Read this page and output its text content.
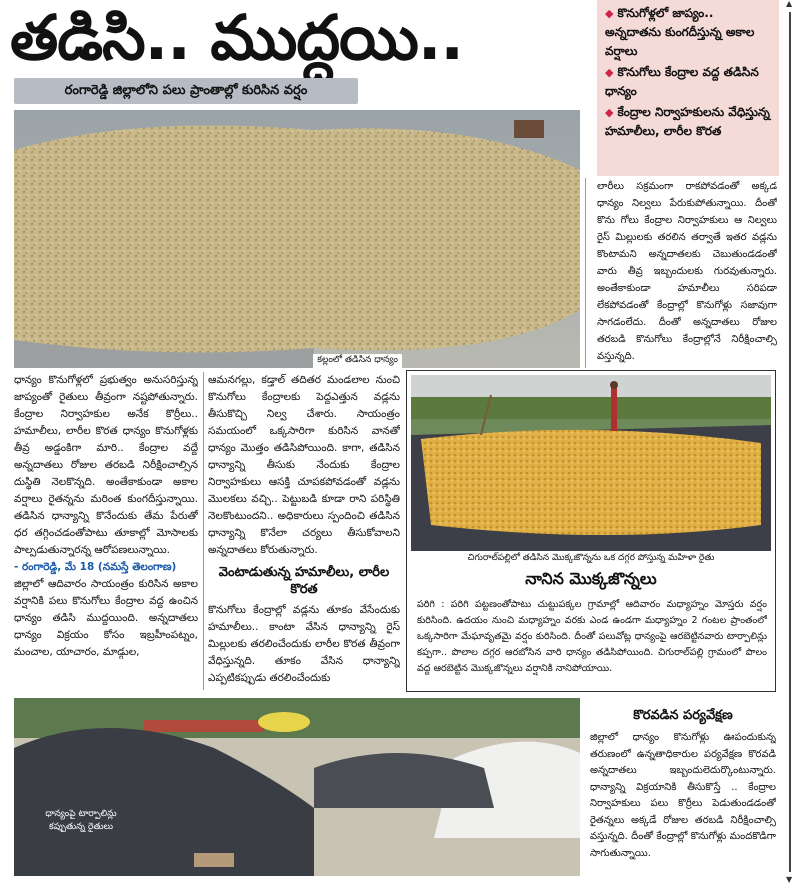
తడిసి.. ముద్దయి..
రంగారెడ్డి జిల్లాలోని పలు ప్రాంతాల్లో కురిసిన వర్షం
◆ కొనుగోళ్లలో జాప్యం.. అన్నదాతను కుంగదీస్తున్న అకాల వర్షాలు
◆ కొనుగోలు కేంద్రాల వద్ద తడిసిన ధాన్యం
◆ కేంద్రాల నిర్వాహకులను వేధిస్తున్న హమాలీలు, లారీల కొరత
కల్లంలో తడిసిన ధాన్యం

లారీలు సక్రమంగా రాకపోవడంతో అక్కడ ధాన్యం నిల్వలు పేరుకుపోతున్నాయి. దీంతో కొను గోలు కేంద్రాల నిర్వాహకులు ఆ నిల్వలు రైస్ మిల్లులకు తరలిన తర్వాతే ఇతర వడ్లను కొంటామని అన్నదాతలకు చెబుతుండడంతో వారు తీవ్ర ఇబ్బందులకు గురవుతున్నారు. అంతేకాకుండా హమాలీలు సరిపడా లేకపోవడంతో కేంద్రాల్లో కొనుగోళ్లు సజావుగా సాగడంలేదు. దీంతో అన్నదాతలు రోజుల తరబడి కొనుగోలు కేంద్రాల్లోనే నిరీక్షించాల్సి వస్తున్నది.

ధాన్యం కొనుగోళ్లలో ప్రభుత్వం అనుసరిస్తున్న జాప్యంతో రైతులు తీవ్రంగా నష్టపోతున్నారు. కేంద్రాల నిర్వాహకుల అనేక కొర్రీలు.. హమాలీలు, లారీల కొరత ధాన్యం కొనుగోళ్లకు తీవ్ర అడ్డంకిగా మారి.. కేంద్రాల వద్దే అన్నదాతలు రోజుల తరబడి నిరీక్షించాల్సిన దుస్థితి నెలకొన్నది. అంతేకాకుండా అకాల వర్షాలు రైతన్నను మరింత కుంగదీస్తున్నాయి. తడిసిన ధాన్యాన్ని కొనేందుకు తేమ పేరుతో ధర తగ్గించడంతోపాటు తూకాల్లో మోసాలకు పాల్పడుతున్నారన్న ఆరోపణలున్నాయి.

- రంగారెడ్డి, మే 18 (నమస్తే తెలంగాణ)

జిల్లాలో ఆదివారం సాయంత్రం కురిసిన అకాల వర్షానికి పలు కొనుగోలు కేంద్రాల వద్ద ఉంచిన ధాన్యం తడిసి ముద్దయింది. అన్నదాతలు ధాన్యం విక్రయం కోసం ఇబ్రహీంపట్నం, మంచాల, యాచారం, మాడ్గుల,

ఆమనగల్లు, కడ్తాల్ తదితర మండలాల నుంచి కొనుగోలు కేంద్రాలకు పెద్దఎత్తున వడ్లను తీసుకొచ్చి నిల్వ చేశారు. సాయంత్రం సమయంలో ఒక్కసారిగా కురిసిన వానతో ధాన్యం మొత్తం తడిసిపోయింది. కాగా, తడిసిన ధాన్యాన్ని తీసుకు నేందుకు కేంద్రాల నిర్వాహకులు ఆసక్తి చూపకపోవడంతో వడ్లను మొలకలు వచ్చి.. పెట్టుబడి కూడా రాని పరిస్థితి నెలకొంటుందని.. అధికారులు స్పందించి తడిసిన ధాన్యాన్ని కొనేలా చర్యలు తీసుకోవాలని అన్నదాతలు కోరుతున్నారు.

వెంటాడుతున్న హమాలీలు, లారీల కొరత

కొనుగోలు కేంద్రాల్లో వడ్లను తూకం వేసేందుకు హమాలీలు.. కాంటా వేసిన ధాన్యాన్ని రైస్ మిల్లులకు తరలించేందుకు లారీల కొరత తీవ్రంగా వేధిస్తున్నది. తూకం వేసిన ధాన్యాన్ని ఎప్పటికప్పుడు తరలించేందుకు

చిగురాల్‌పల్లిలో తడిసిన మొక్కజొన్నను ఒక దగ్గర పోస్తున్న మహిళా రైతు
నానిన మొక్కజొన్నలు
పరిగి : పరిగి పట్టణంతోపాటు చుట్టుపక్కల గ్రామాల్లో ఆదివారం మధ్యాహ్నం మోస్తరు వర్షం కురిసింది. ఉదయం నుంచి మధ్యాహ్నం వరకు ఎండ ఉండగా మధ్యాహ్నం 2 గంటల ప్రాంతంలో ఒక్కసారిగా మేఘావృతమై వర్షం కురిసింది. దీంతో పలువోట్ల ధాన్యంపై ఆరబెట్టినవారు టార్పాలిన్లు కప్పగా.. పొలాల దగ్గర ఆరబోసిన వారి ధాన్యం తడిసిపోయింది. చిగురాల్‌పల్లి గ్రామంలో పొలం వద్ద ఆరబెట్టిన మొక్కజొన్నలు వర్షానికి నానిపోయాయి.
ధాన్యంపై టార్పాలిన్లు కప్పుతున్న రైతులు
కొరవడిన పర్యవేక్షణ
జిల్లాలో ధాన్యం కొనుగోళ్లు ఊపందుకున్న తరుణంలో ఉన్నతాధికారుల పర్యవేక్షణ కొరవడి అన్నదాతలు ఇబ్బందులెదుర్కొంటున్నారు. ధాన్యాన్ని విక్రయానికి తీసుకొస్తే .. కేంద్రాల నిర్వాహకులు పలు కొర్రీలు పెడుతుండడంతో రైతన్నలు అక్కడే రోజుల తరబడి నిరీక్షించాల్సి వస్తున్నది. దీంతో కేంద్రాల్లో కొనుగోళ్లు మందకొడిగా సాగుతున్నాయి.
▲
▼
